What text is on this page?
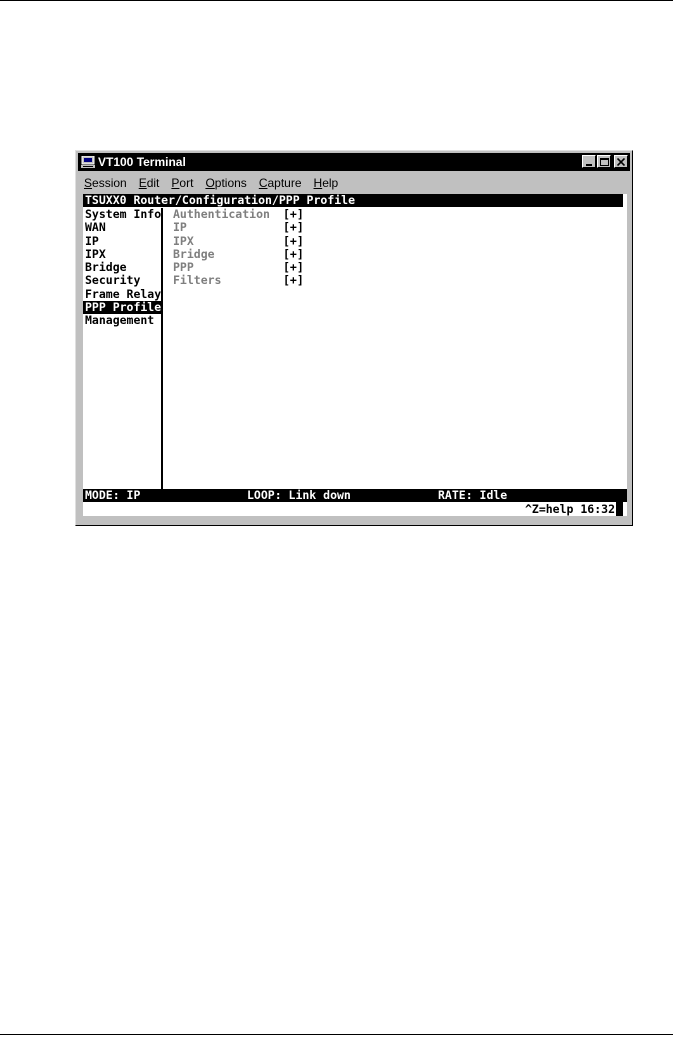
VT100 Terminal
Session	Edit	Port	Options	Capture	Help
TSUXX0 Router/Configuration/PPP Profile
System Info
WAN
IP
IPX
Bridge
Security
Frame Relay
PPP Profile
Management
Authentication	[+]
IP	[+]
IPX	[+]
Bridge	[+]
PPP	[+]
Filters	[+]

MODE: IP

	LOOP: Link down

	RATE: Idle

^Z=help 16:32
